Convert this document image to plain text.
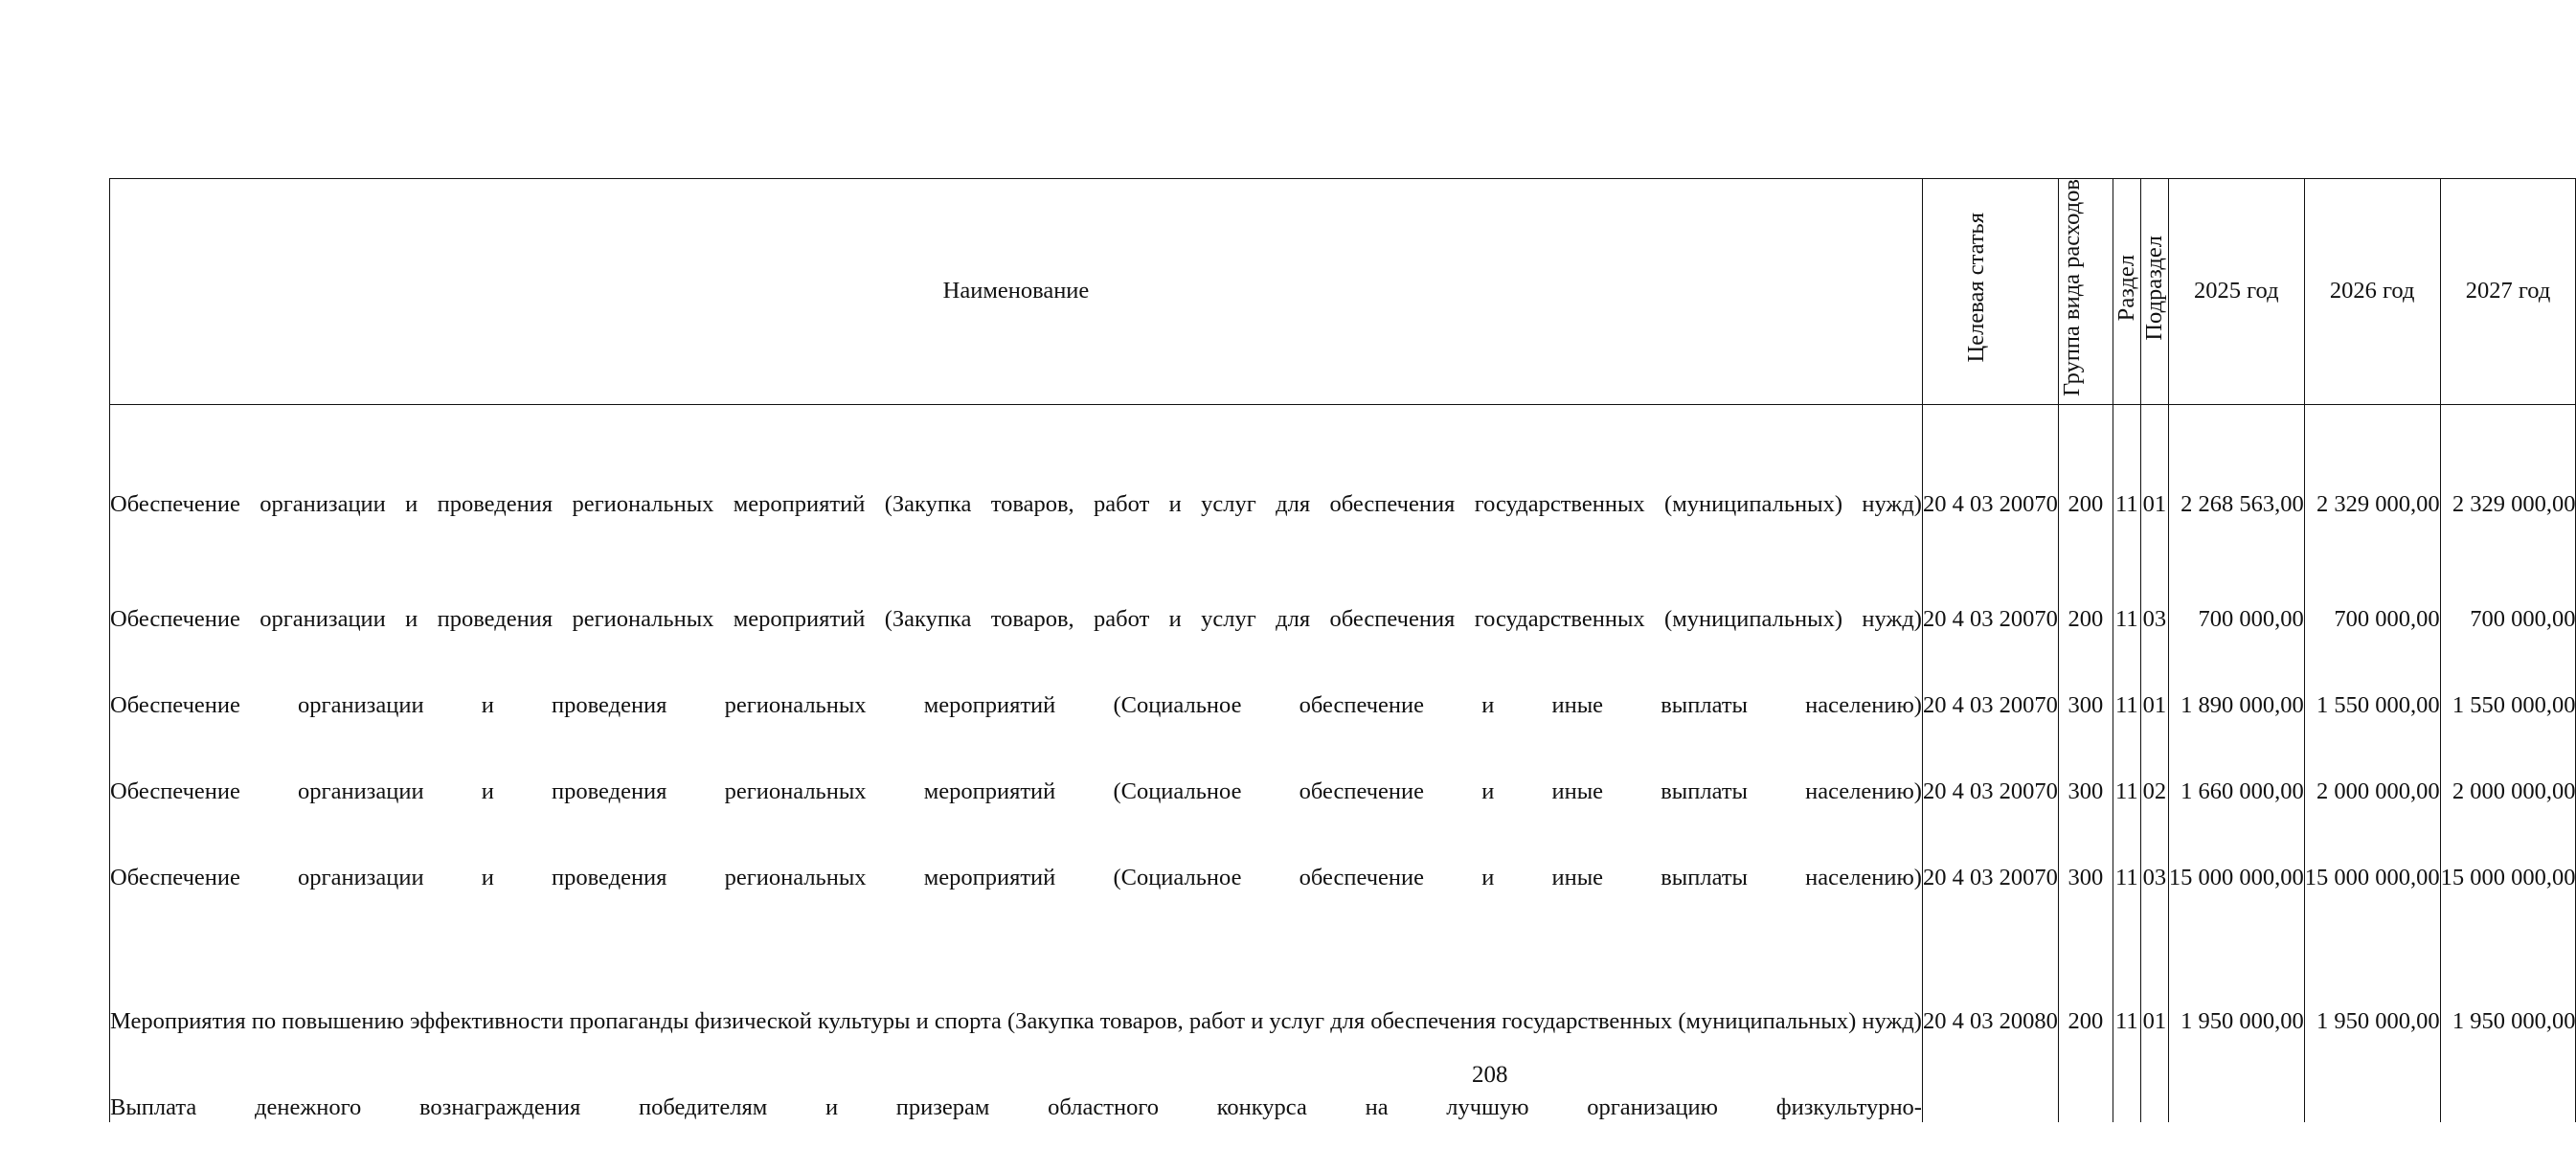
Наименование	Целевая статья	Группа вида расходов	Раздел	Подраздел	2025 год	2026 год	2027 год
Обеспечение организации и проведения региональных мероприятий (Закупка товаров, работ и услуг для обеспечения государственных (муниципальных) нужд)	20 4 03 20070	200	11	01	2 268 563,00	2 329 000,00	2 329 000,00
Обеспечение организации и проведения региональных мероприятий (Закупка товаров, работ и услуг для обеспечения государственных (муниципальных) нужд)	20 4 03 20070	200	11	03	700 000,00	700 000,00	700 000,00
Обеспечение организации и проведения региональных мероприятий (Социальное обеспечение и иные выплаты населению)	20 4 03 20070	300	11	01	1 890 000,00	1 550 000,00	1 550 000,00
Обеспечение организации и проведения региональных мероприятий (Социальное обеспечение и иные выплаты населению)	20 4 03 20070	300	11	02	1 660 000,00	2 000 000,00	2 000 000,00
Обеспечение организации и проведения региональных мероприятий (Социальное обеспечение и иные выплаты населению)	20 4 03 20070	300	11	03	15 000 000,00	15 000 000,00	15 000 000,00
Мероприятия по повышению эффективности пропаганды физической культуры и спорта (Закупка товаров, работ и услуг для обеспечения государственных (муниципальных) нужд)	20 4 03 20080	200	11	01	1 950 000,00	1 950 000,00	1 950 000,00
Выплата денежного вознаграждения победителям и призерам областного конкурса на лучшую организацию физкультурно-							
208
